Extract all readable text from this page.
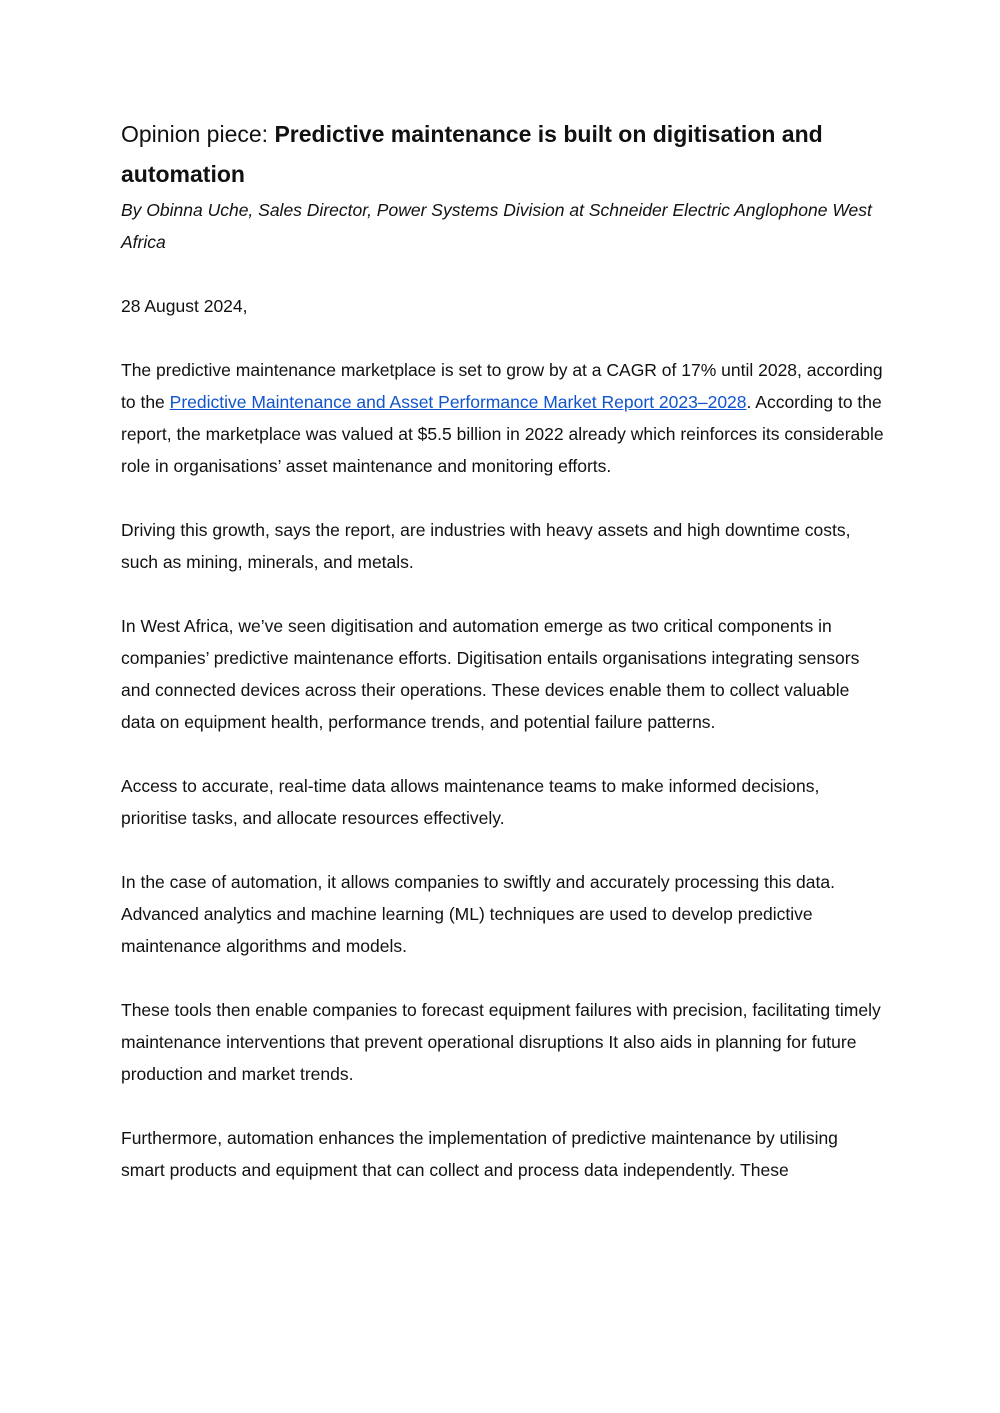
Opinion piece: Predictive maintenance is built on digitisation and automation
By Obinna Uche, Sales Director, Power Systems Division at Schneider Electric Anglophone West Africa

28 August 2024,

The predictive maintenance marketplace is set to grow by at a CAGR of 17% until 2028, according to the Predictive Maintenance and Asset Performance Market Report 2023–2028. According to the report, the marketplace was valued at $5.5 billion in 2022 already which reinforces its considerable role in organisations’ asset maintenance and monitoring efforts.

Driving this growth, says the report, are industries with heavy assets and high downtime costs, such as mining, minerals, and metals.

In West Africa, we’ve seen digitisation and automation emerge as two critical components in companies’ predictive maintenance efforts. Digitisation entails organisations integrating sensors and connected devices across their operations. These devices enable them to collect valuable data on equipment health, performance trends, and potential failure patterns.

Access to accurate, real-time data allows maintenance teams to make informed decisions, prioritise tasks, and allocate resources effectively.

In the case of automation, it allows companies to swiftly and accurately processing this data. Advanced analytics and machine learning (ML) techniques are used to develop predictive maintenance algorithms and models.

These tools then enable companies to forecast equipment failures with precision, facilitating timely maintenance interventions that prevent operational disruptions It also aids in planning for future production and market trends.

Furthermore, automation enhances the implementation of predictive maintenance by utilising smart products and equipment that can collect and process data independently. These
